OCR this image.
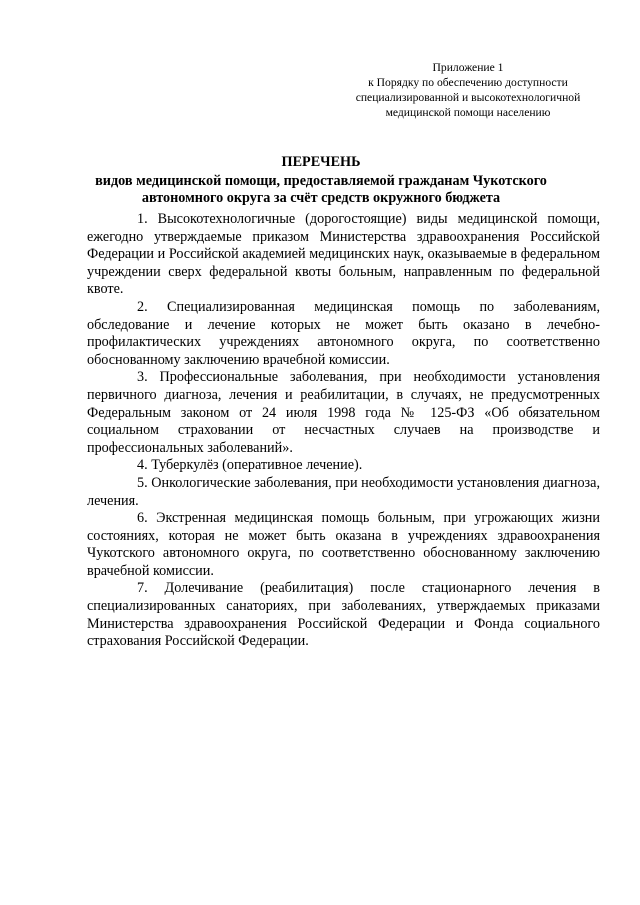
Приложение 1
к Порядку по обеспечению доступности
специализированной и высокотехнологичной
медицинской помощи населению
ПЕРЕЧЕНЬ
видов медицинской помощи, предоставляемой гражданам Чукотского
автономного округа за счёт средств окружного бюджета

1. Высокотехнологичные (дорогостоящие) виды медицинской помощи, ежегодно утверждаемые приказом Министерства здравоохранения Российской Федерации и Российской академией медицинских наук, оказываемые в федеральном учреждении сверх федеральной квоты больным, направленным по федеральной квоте.

2. Специализированная медицинская помощь по заболеваниям, обследование и лечение которых не может быть оказано в лечебно-профилактических учреждениях автономного округа, по соответственно обоснованному заключению врачебной комиссии.

3. Профессиональные заболевания, при необходимости установления первичного диагноза, лечения и реабилитации, в случаях, не предусмотренных Федеральным законом от 24 июля 1998 года № 125-ФЗ «Об обязательном социальном страховании от несчастных случаев на производстве и профессиональных заболеваний».

4. Туберкулёз (оперативное лечение).

5. Онкологические заболевания, при необходимости установления диагноза, лечения.

6. Экстренная медицинская помощь больным, при угрожающих жизни состояниях, которая не может быть оказана в учреждениях здравоохранения Чукотского автономного округа, по соответственно обоснованному заключению врачебной комиссии.

7. Долечивание (реабилитация) после стационарного лечения в специализированных санаториях, при заболеваниях, утверждаемых приказами Министерства здравоохранения Российской Федерации и Фонда социального страхования Российской Федерации.
